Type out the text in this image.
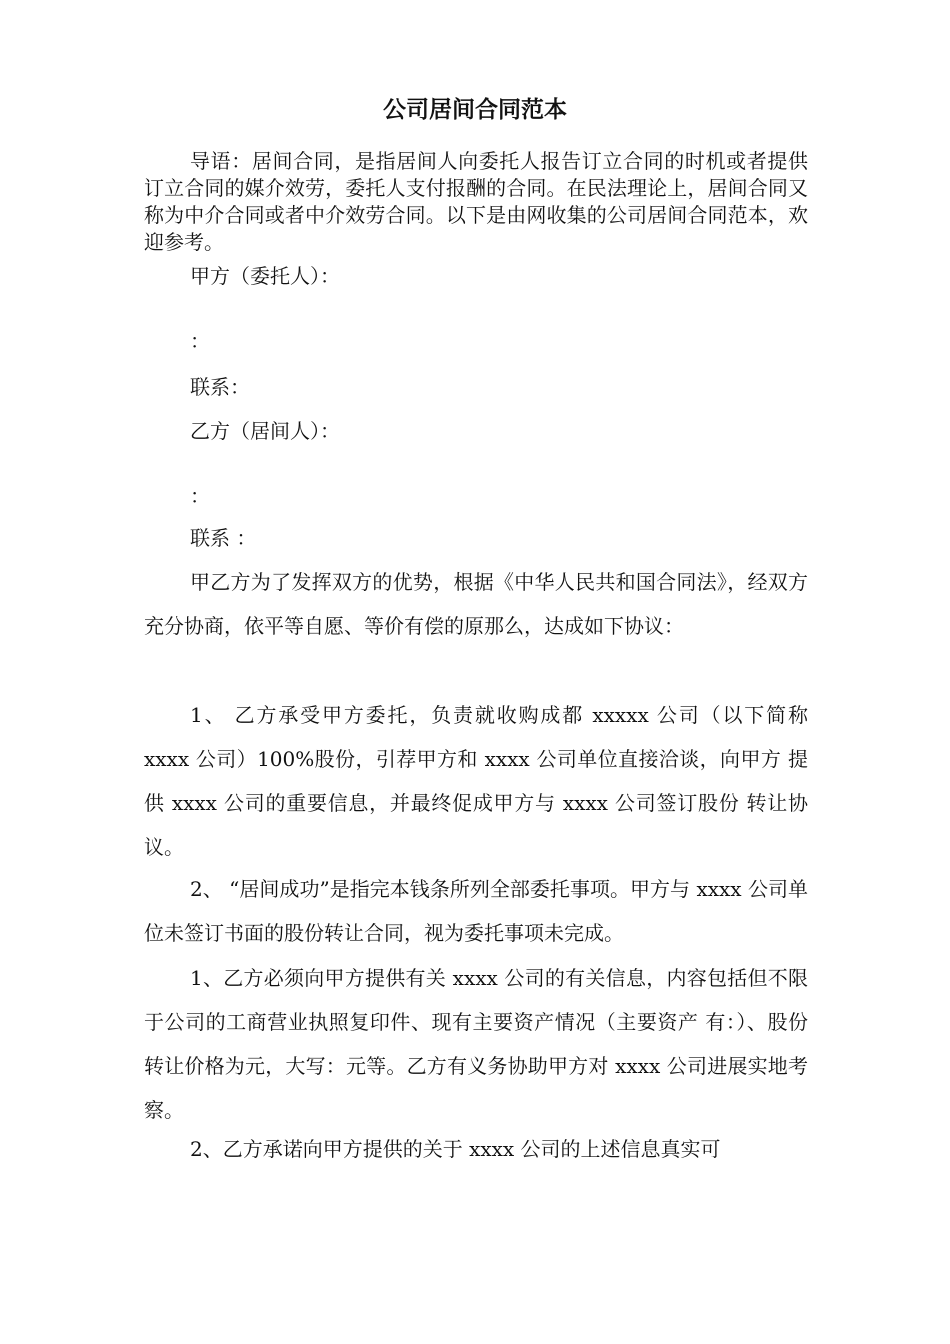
公司居间合同范本
导语：居间合同，是指居间人向委托人报告订立合同的时机或者提供订立合同的媒介效劳，委托人支付报酬的合同。在民法理论上，居间合同又称为中介合同或者中介效劳合同。以下是由网收集的公司居间合同范本，欢迎参考。
甲方（委托人）：
：
联系：
乙方（居间人）：
：
联系 ：
甲乙方为了发挥双方的优势，根据《中华人民共和国合同法》，经双方充分协商，依平等自愿、等价有偿的原那么，达成如下协议：
1、 乙方承受甲方委托，负责就收购成都 xxxxx 公司（以下简称 xxxx 公司）100%股份，引荐甲方和 xxxx 公司单位直接洽谈，向甲方 提供 xxxx 公司的重要信息，并最终促成甲方与 xxxx 公司签订股份 转让协议。
2、 “居间成功”是指完本钱条所列全部委托事项。甲方与 xxxx 公司单位未签订书面的股份转让合同，视为委托事项未完成。
1、乙方必须向甲方提供有关 xxxx 公司的有关信息，内容包括但不限于公司的工商营业执照复印件、现有主要资产情况（主要资产 有：）、股份转让价格为元，大写：元等。乙方有义务协助甲方对 xxxx 公司进展实地考察。
2、乙方承诺向甲方提供的关于 xxxx 公司的上述信息真实可
